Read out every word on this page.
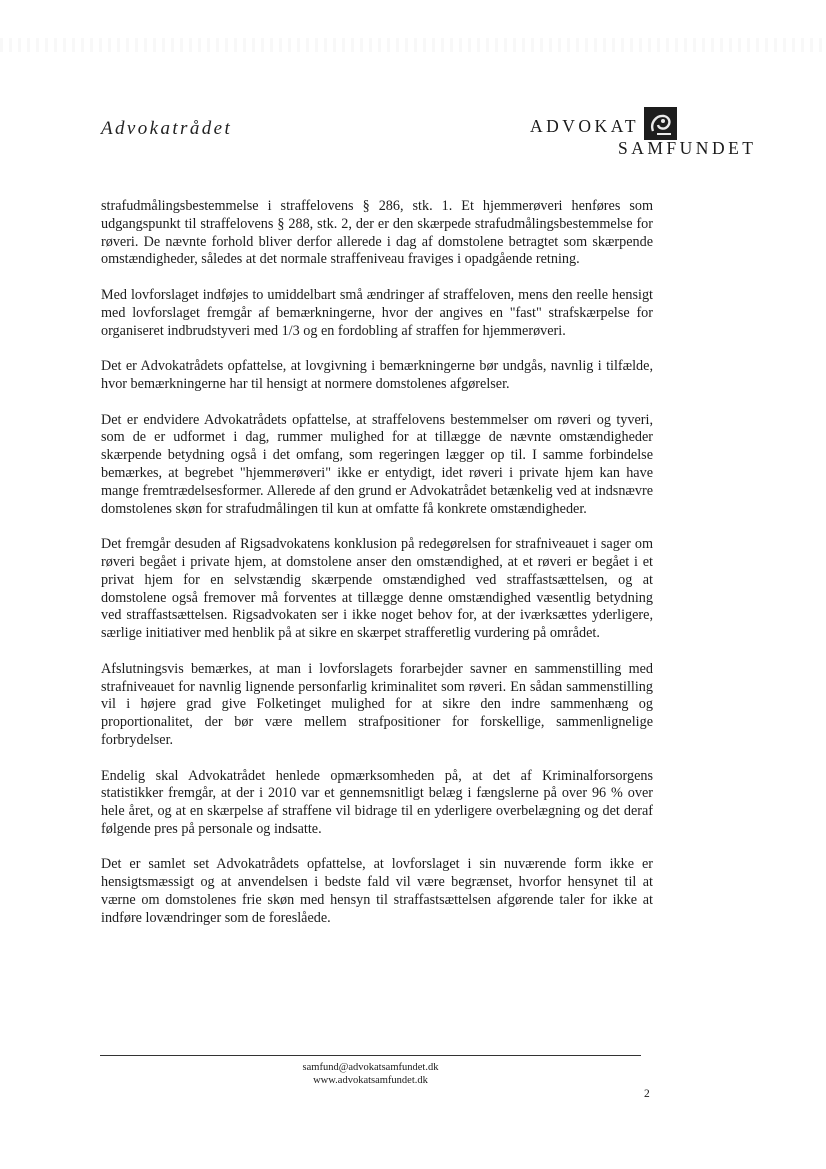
Advokatrådet	ADVOKAT
SAMFUNDET

strafudmålingsbestemmelse i straffelovens § 286, stk. 1. Et hjemmerøveri henføres som udgangspunkt til straffelovens § 288, stk. 2, der er den skærpede strafudmålingsbestemmelse for røveri. De nævnte forhold bliver derfor allerede i dag af domstolene betragtet som skærpende omstændigheder, således at det normale straffeniveau fraviges i opadgående retning.

Med lovforslaget indføjes to umiddelbart små ændringer af straffeloven, mens den reelle hensigt med lovforslaget fremgår af bemærkningerne, hvor der angives en "fast" strafskærpelse for organiseret indbrudstyveri med 1/3 og en fordobling af straffen for hjemmerøveri.

Det er Advokatrådets opfattelse, at lovgivning i bemærkningerne bør undgås, navnlig i tilfælde, hvor bemærkningerne har til hensigt at normere domstolenes afgørelser.

Det er endvidere Advokatrådets opfattelse, at straffelovens bestemmelser om røveri og tyveri, som de er udformet i dag, rummer mulighed for at tillægge de nævnte omstændigheder skærpende betydning også i det omfang, som regeringen lægger op til. I samme forbindelse bemærkes, at begrebet "hjemmerøveri" ikke er entydigt, idet røveri i private hjem kan have mange fremtrædelsesformer. Allerede af den grund er Advokatrådet betænkelig ved at indsnævre domstolenes skøn for strafudmålingen til kun at omfatte få konkrete omstændigheder.

Det fremgår desuden af Rigsadvokatens konklusion på redegørelsen for strafniveauet i sager om røveri begået i private hjem, at domstolene anser den omstændighed, at et røveri er begået i et privat hjem for en selvstændig skærpende omstændighed ved straffastsættelsen, og at domstolene også fremover må forventes at tillægge denne omstændighed væsentlig betydning ved straffastsættelsen. Rigsadvokaten ser i ikke noget behov for, at der iværksættes yderligere, særlige initiativer med henblik på at sikre en skærpet strafferetlig vurdering på området.

Afslutningsvis bemærkes, at man i lovforslagets forarbejder savner en sammenstilling med strafniveauet for navnlig lignende personfarlig kriminalitet som røveri. En sådan sammenstilling vil i højere grad give Folketinget mulighed for at sikre den indre sammenhæng og proportionalitet, der bør være mellem strafpositioner for forskellige, sammenlignelige forbrydelser.

Endelig skal Advokatrådet henlede opmærksomheden på, at det af Kriminalforsorgens statistikker fremgår, at der i 2010 var et gennemsnitligt belæg i fængslerne på over 96 % over hele året, og at en skærpelse af straffene vil bidrage til en yderligere overbelægning og det deraf følgende pres på personale og indsatte.

Det er samlet set Advokatrådets opfattelse, at lovforslaget i sin nuværende form ikke er hensigtsmæssigt og at anvendelsen i bedste fald vil være begrænset, hvorfor hensynet til at værne om domstolenes frie skøn med hensyn til straffastsættelsen afgørende taler for ikke at indføre lovændringer som de foreslåede.

samfund@advokatsamfundet.dk
www.advokatsamfundet.dk
2
